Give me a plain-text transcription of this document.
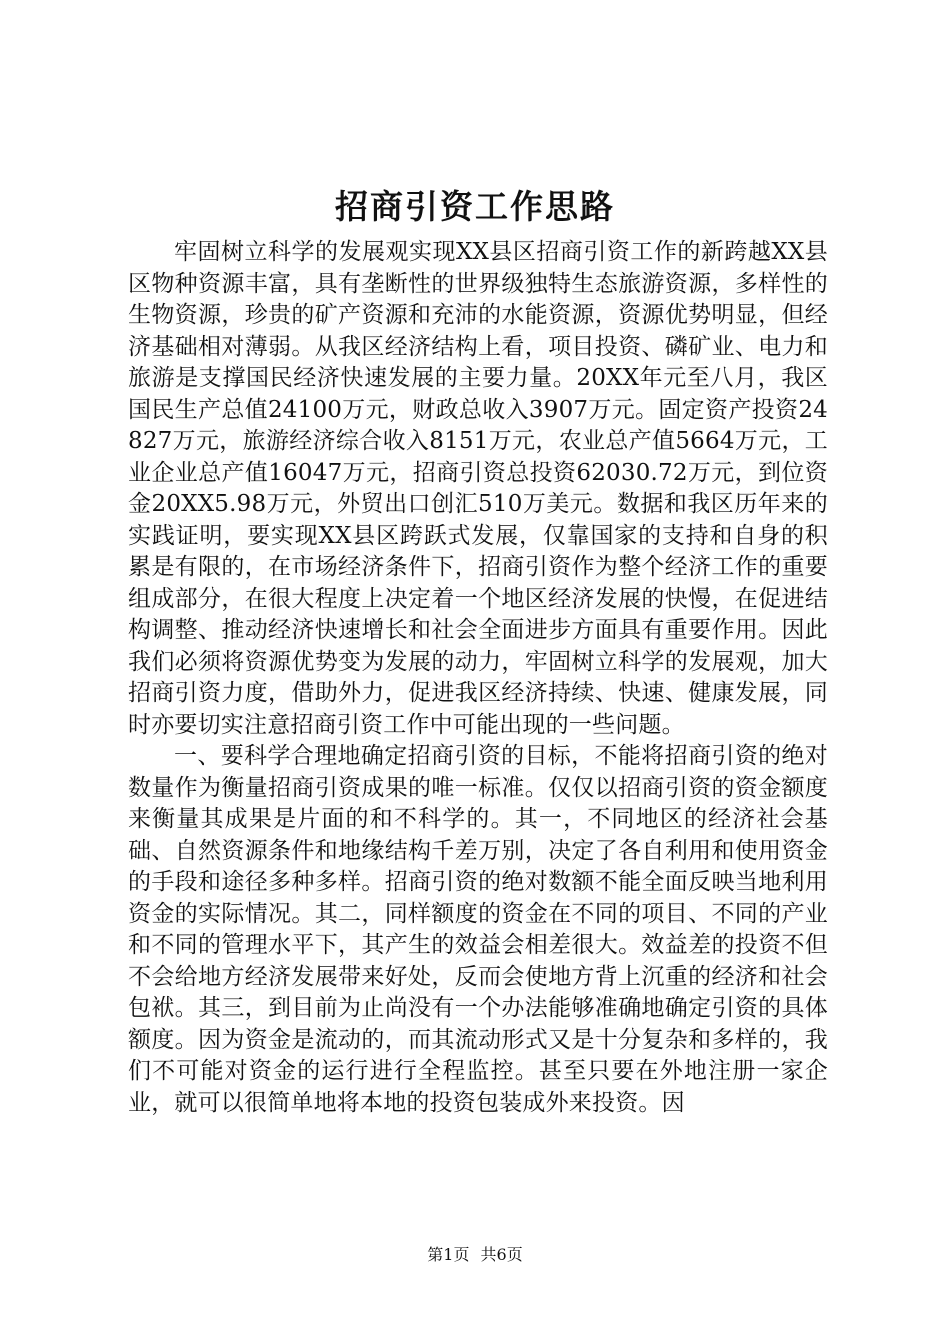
招商引资工作思路

牢固树立科学的发展观实现XX县区招商引资工作的新跨越XX县区物种资源丰富，具有垄断性的世界级独特生态旅游资源，多样性的生物资源，珍贵的矿产资源和充沛的水能资源，资源优势明显，但经济基础相对薄弱。从我区经济结构上看，项目投资、磷矿业、电力和旅游是支撑国民经济快速发展的主要力量。20XX年元至八月，我区国民生产总值24100万元，财政总收入3907万元。固定资产投资24827万元，旅游经济综合收入8151万元，农业总产值5664万元，工业企业总产值16047万元，招商引资总投资62030.72万元，到位资金20XX5.98万元，外贸出口创汇510万美元。数据和我区历年来的实践证明，要实现XX县区跨跃式发展，仅靠国家的支持和自身的积累是有限的，在市场经济条件下，招商引资作为整个经济工作的重要组成部分，在很大程度上决定着一个地区经济发展的快慢，在促进结构调整、推动经济快速增长和社会全面进步方面具有重要作用。因此我们必须将资源优势变为发展的动力，牢固树立科学的发展观，加大招商引资力度，借助外力，促进我区经济持续、快速、健康发展，同时亦要切实注意招商引资工作中可能出现的一些问题。

一、要科学合理地确定招商引资的目标，不能将招商引资的绝对数量作为衡量招商引资成果的唯一标准。仅仅以招商引资的资金额度来衡量其成果是片面的和不科学的。其一，不同地区的经济社会基础、自然资源条件和地缘结构千差万别，决定了各自利用和使用资金的手段和途径多种多样。招商引资的绝对数额不能全面反映当地利用资金的实际情况。其二，同样额度的资金在不同的项目、不同的产业和不同的管理水平下，其产生的效益会相差很大。效益差的投资不但不会给地方经济发展带来好处，反而会使地方背上沉重的经济和社会包袱。其三，到目前为止尚没有一个办法能够准确地确定引资的具体额度。因为资金是流动的，而其流动形式又是十分复杂和多样的，我们不可能对资金的运行进行全程监控。甚至只要在外地注册一家企业，就可以很简单地将本地的投资包装成外来投资。因

第1页 共6页
